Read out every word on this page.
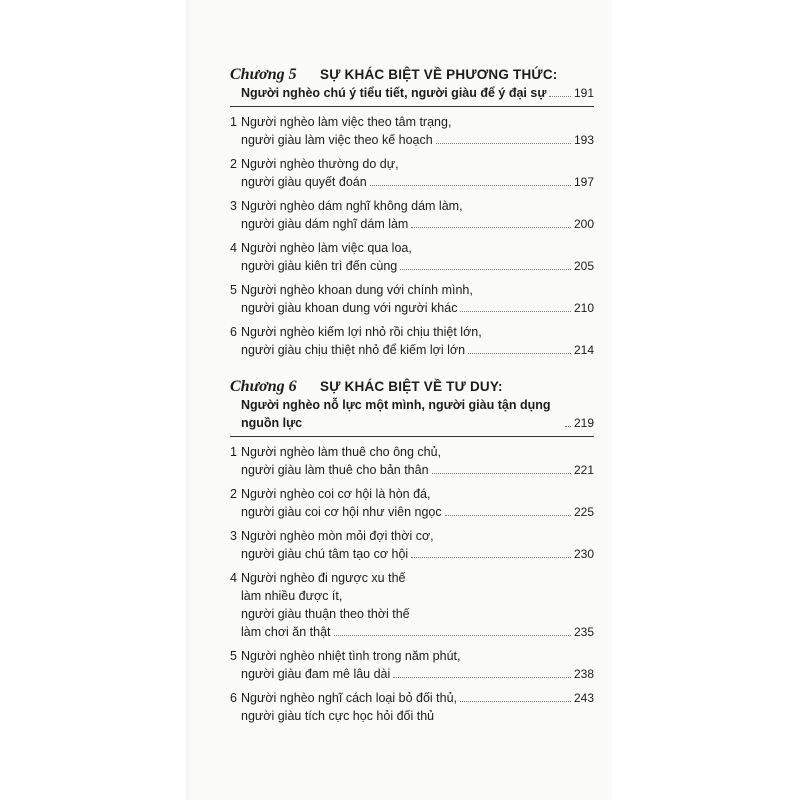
Chương 5	SỰ KHÁC BIỆT VỀ PHƯƠNG THỨC:
Người nghèo chú ý tiểu tiết, người giàu để ý đại sự 191
1 Người nghèo làm việc theo tâm trạng,
người giàu làm việc theo kế hoạch	193
2 Người nghèo thường do dự,
người giàu quyết đoán	197
3 Người nghèo dám nghĩ không dám làm,
người giàu dám nghĩ dám làm	200
4 Người nghèo làm việc qua loa,
người giàu kiên trì đến cùng	205
5 Người nghèo khoan dung với chính mình,
người giàu khoan dung với người khác	210
6 Người nghèo kiếm lợi nhỏ rồi chịu thiệt lớn,
người giàu chịu thiệt nhỏ để kiếm lợi lớn	214
Chương 6	SỰ KHÁC BIỆT VỀ TƯ DUY:
Người nghèo nỗ lực một mình, người giàu tận dụng nguồn lực	219
1 Người nghèo làm thuê cho ông chủ,
người giàu làm thuê cho bản thân	221
2 Người nghèo coi cơ hội là hòn đá,
người giàu coi cơ hội như viên ngọc	225
3 Người nghèo mòn mỏi đợi thời cơ,
người giàu chú tâm tạo cơ hội	230
4 Người nghèo đi ngược xu thế
làm nhiều được ít,
người giàu thuận theo thời thế
làm chơi ăn thật	235
5 Người nghèo nhiệt tình trong năm phút,
người giàu đam mê lâu dài	238
6 Người nghèo nghĩ cách loại bỏ đối thủ,	243
người giàu tích cực học hỏi đối thủ
